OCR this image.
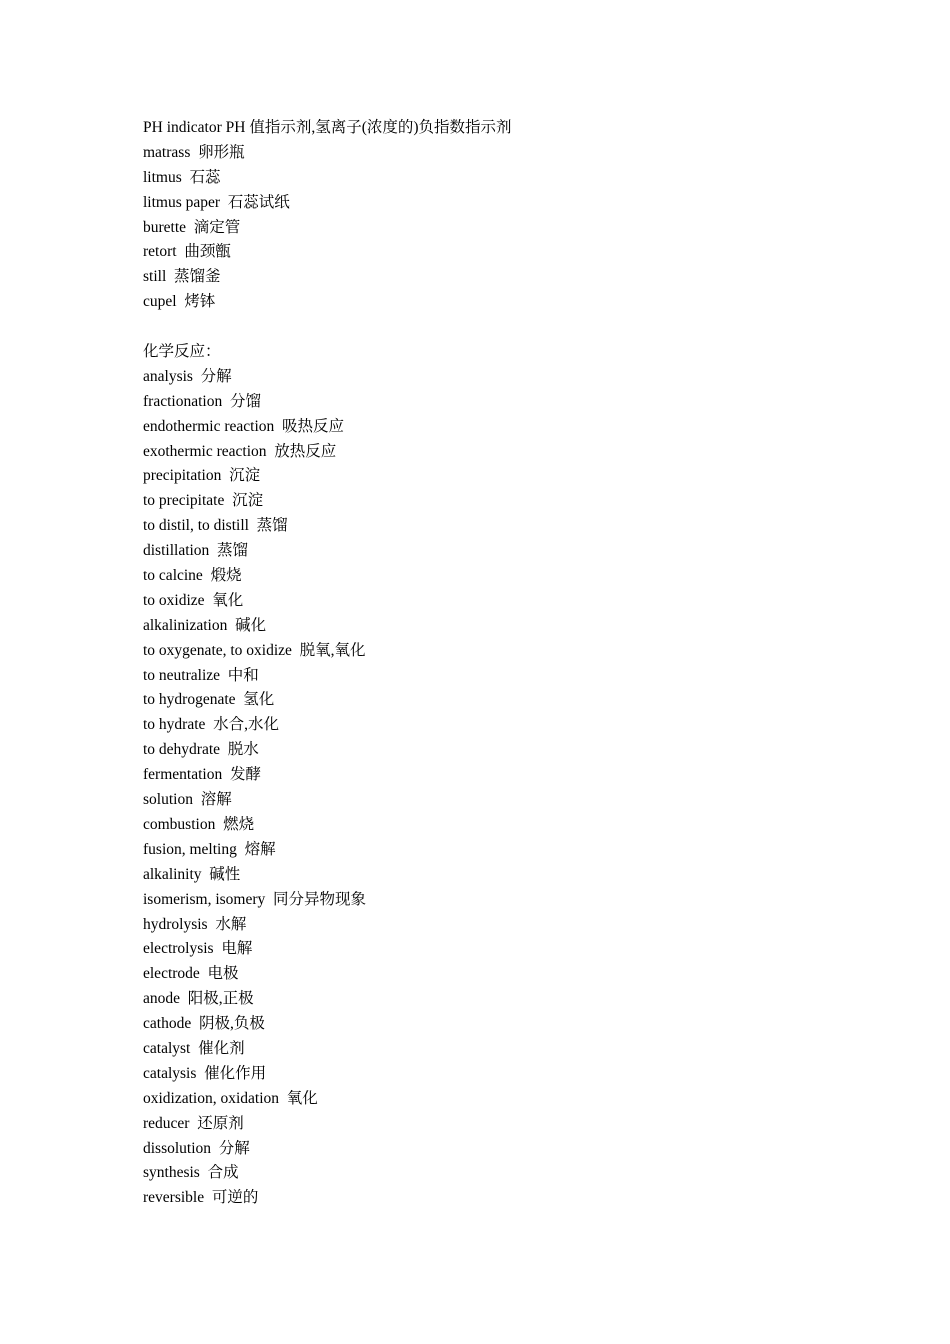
PH indicator PH 值指示剂,氢离子(浓度的)负指数指示剂
matrass  卵形瓶
litmus  石蕊
litmus paper  石蕊试纸
burette  滴定管
retort  曲颈甑
still  蒸馏釜
cupel  烤钵
化学反应：
analysis  分解
fractionation  分馏
endothermic reaction  吸热反应
exothermic reaction  放热反应
precipitation  沉淀
to precipitate  沉淀
to distil, to distill  蒸馏
distillation  蒸馏
to calcine  煅烧
to oxidize  氧化
alkalinization  碱化
to oxygenate, to oxidize  脱氧,氧化
to neutralize  中和
to hydrogenate  氢化
to hydrate  水合,水化
to dehydrate  脱水
fermentation  发酵
solution  溶解
combustion  燃烧
fusion, melting  熔解
alkalinity  碱性
isomerism, isomery  同分异物现象
hydrolysis  水解
electrolysis  电解
electrode  电极
anode  阳极,正极
cathode  阴极,负极
catalyst  催化剂
catalysis  催化作用
oxidization, oxidation  氧化
reducer  还原剂
dissolution  分解
synthesis  合成
reversible  可逆的
